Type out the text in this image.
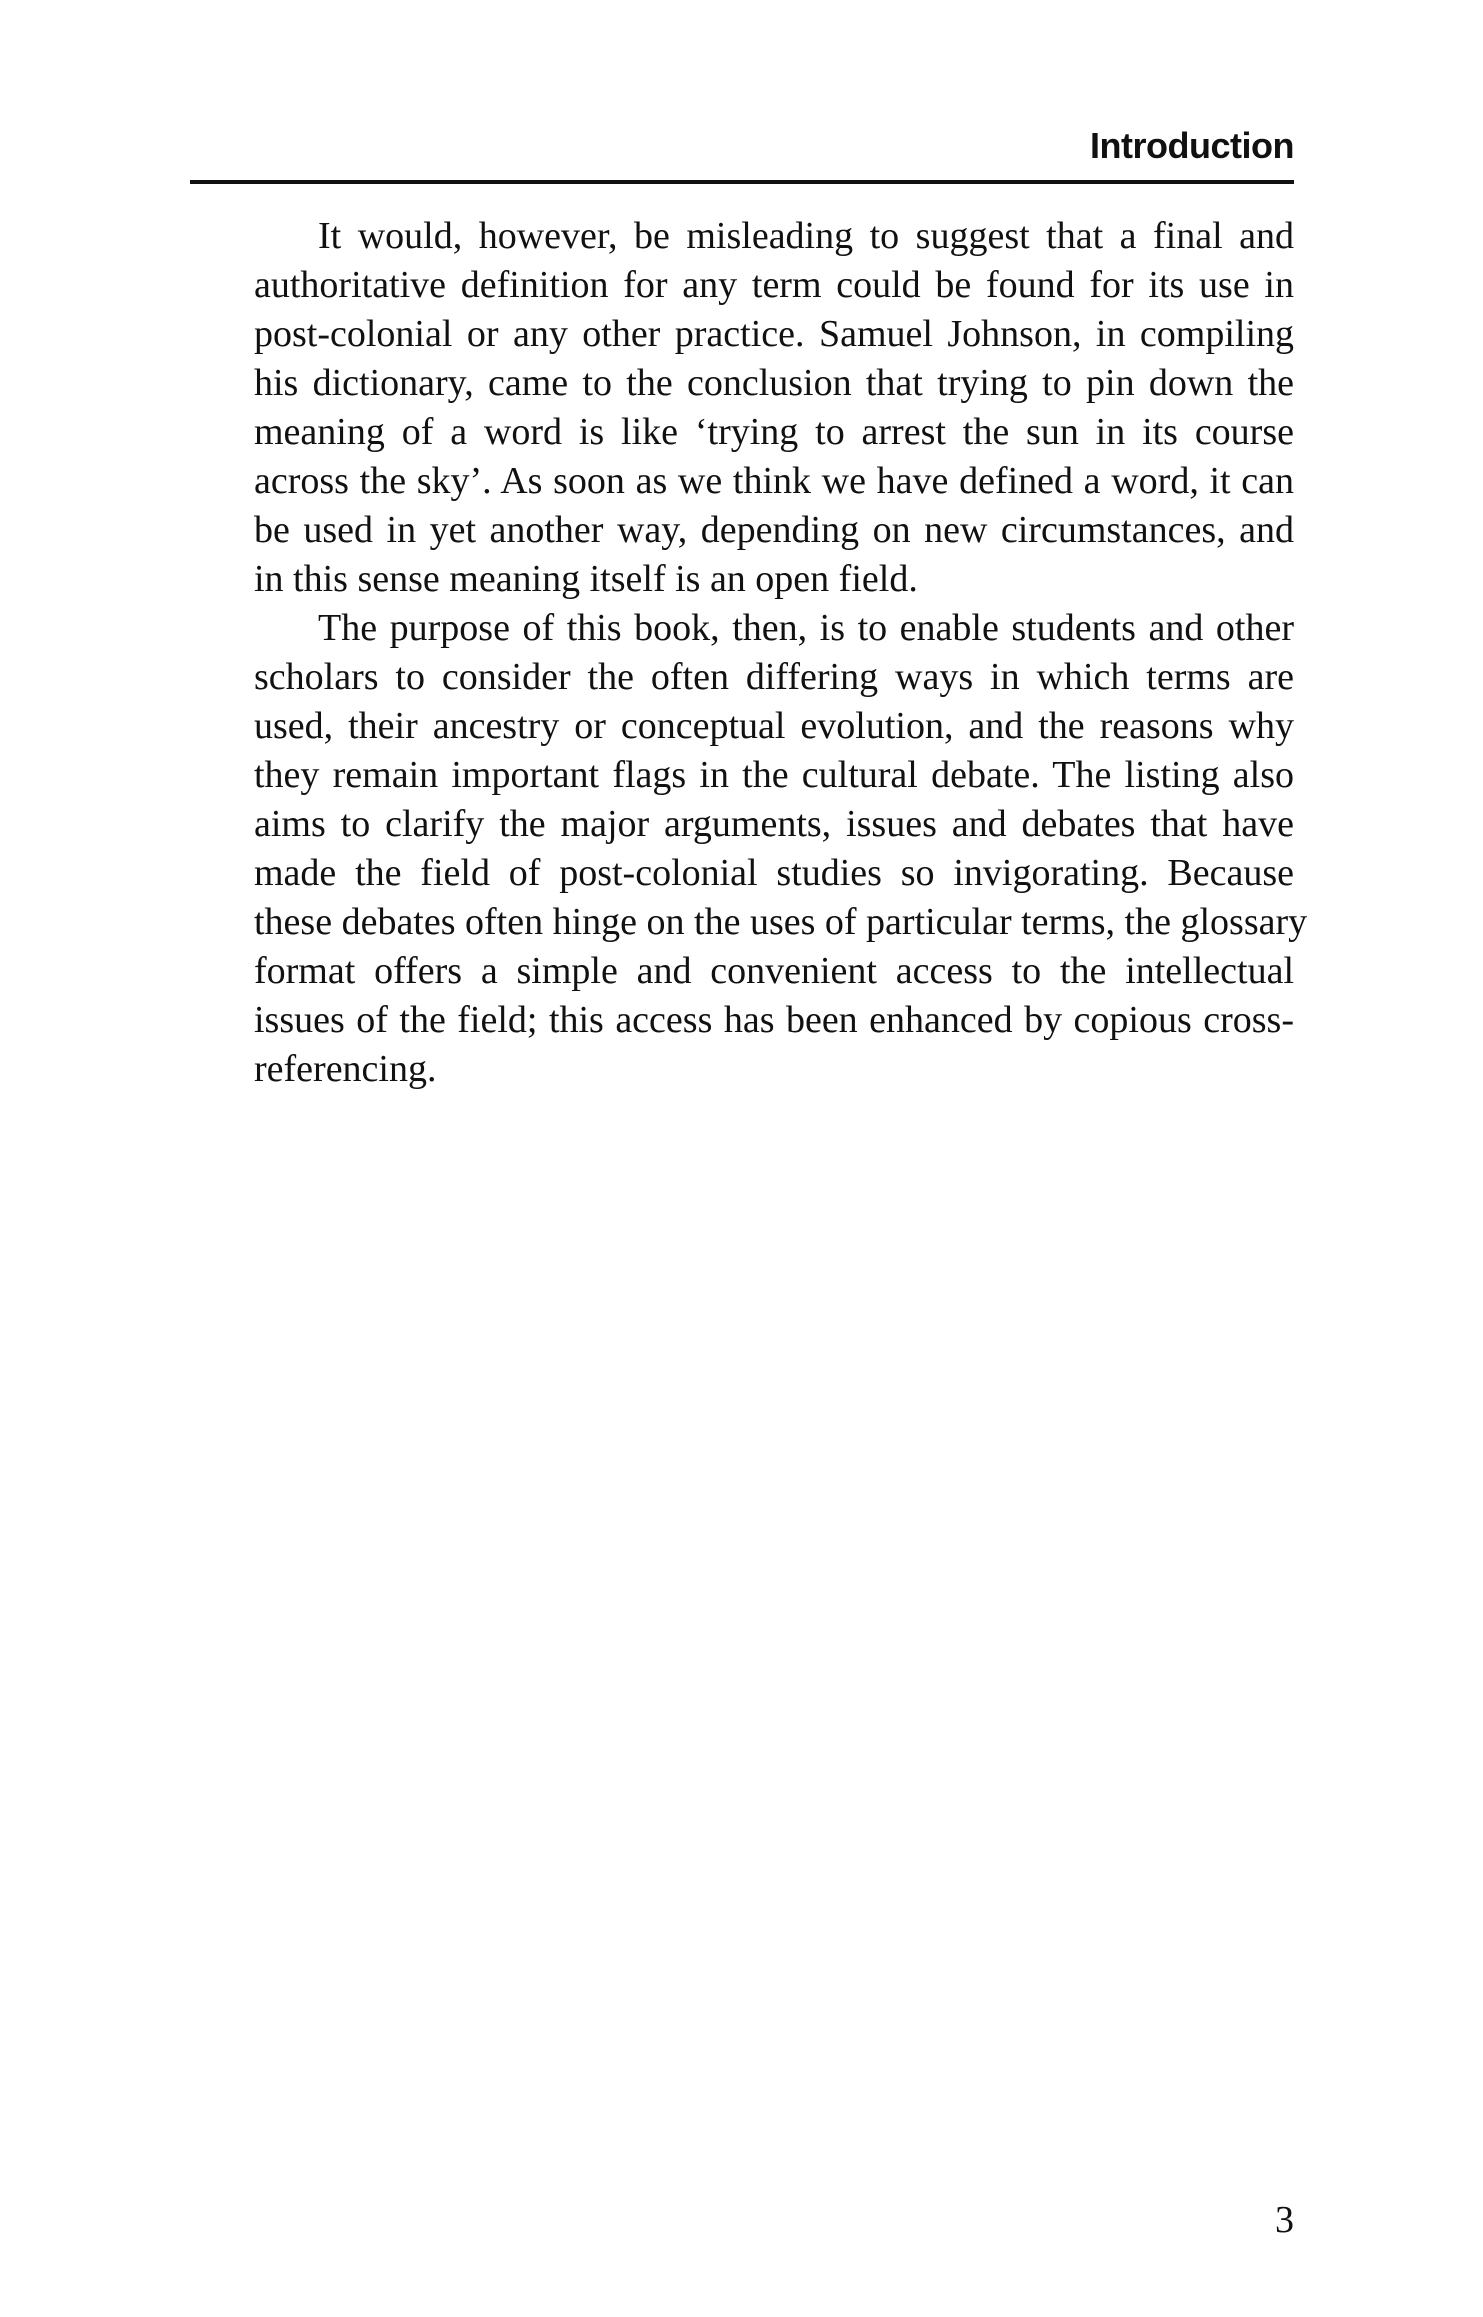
Introduction
It would, however, be misleading to suggest that a final and
authoritative definition for any term could be found for its use in
post-colonial or any other practice. Samuel Johnson, in compiling
his dictionary, came to the conclusion that trying to pin down the
meaning of a word is like ‘trying to arrest the sun in its course
across the sky’. As soon as we think we have defined a word, it can
be used in yet another way, depending on new circumstances, and
in this sense meaning itself is an open field.
The purpose of this book, then, is to enable students and other
scholars to consider the often differing ways in which terms are
used, their ancestry or conceptual evolution, and the reasons why
they remain important flags in the cultural debate. The listing also
aims to clarify the major arguments, issues and debates that have
made the field of post-colonial studies so invigorating. Because
these debates often hinge on the uses of particular terms, the glossary
format offers a simple and convenient access to the intellectual
issues of the field; this access has been enhanced by copious cross-
referencing.
3
